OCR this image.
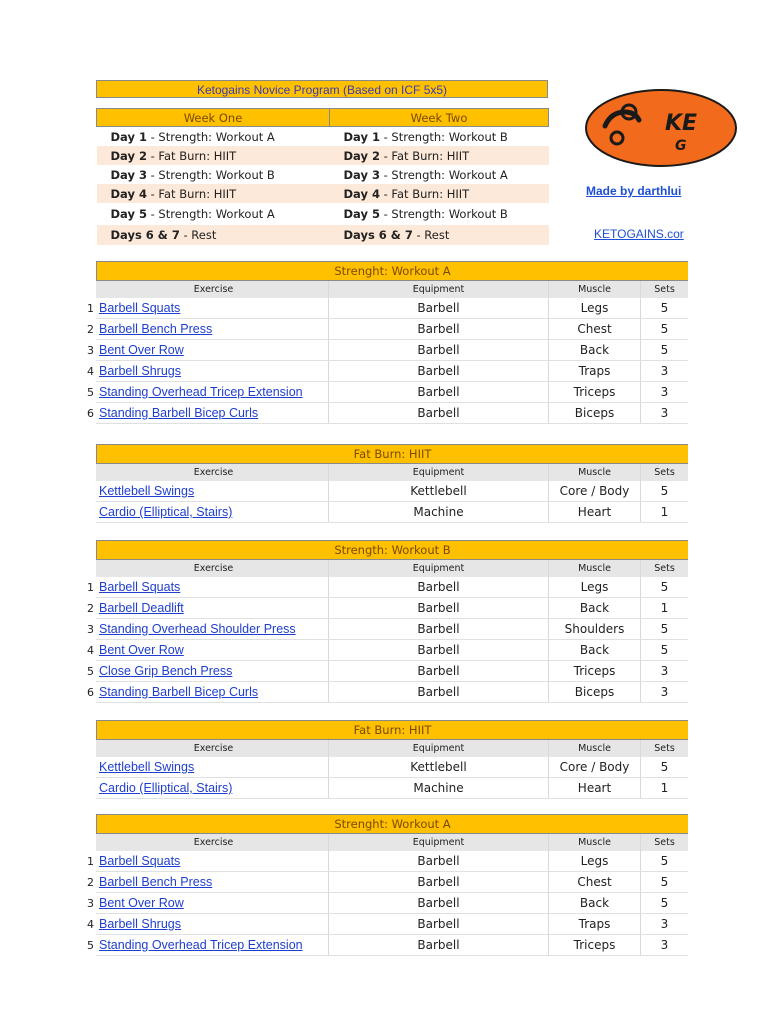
Ketogains Novice Program (Based on ICF 5x5)
Week One	Week Two
Day 1 - Strength: Workout A	Day 1 - Strength: Workout B
Day 2 - Fat Burn: HIIT	Day 2 - Fat Burn: HIIT
Day 3 - Strength: Workout B	Day 3 - Strength: Workout A
Day 4 - Fat Burn: HIIT	Day 4 - Fat Burn: HIIT
Day 5 - Strength: Workout A	Day 5 - Strength: Workout B
Days 6 & 7 - Rest	Days 6 & 7 - Rest
KE
G
Made by darthlui
KETOGAINS.cor
Strenght: Workout A
Exercise	Equipment	Muscle	Sets
1 Barbell Squats	Barbell	Legs	5
2 Barbell Bench Press	Barbell	Chest	5
3 Bent Over Row	Barbell	Back	5
4 Barbell Shrugs	Barbell	Traps	3
5 Standing Overhead Tricep Extension	Barbell	Triceps	3
6 Standing Barbell Bicep Curls	Barbell	Biceps	3
Fat Burn: HIIT
Exercise	Equipment	Muscle	Sets
Kettlebell Swings	Kettlebell	Core / Body	5
Cardio (Elliptical, Stairs)	Machine	Heart	1
Strength: Workout B
Exercise	Equipment	Muscle	Sets
1 Barbell Squats	Barbell	Legs	5
2 Barbell Deadlift	Barbell	Back	1
3 Standing Overhead Shoulder Press	Barbell	Shoulders	5
4 Bent Over Row	Barbell	Back	5
5 Close Grip Bench Press	Barbell	Triceps	3
6 Standing Barbell Bicep Curls	Barbell	Biceps	3
Fat Burn: HIIT
Exercise	Equipment	Muscle	Sets
Kettlebell Swings	Kettlebell	Core / Body	5
Cardio (Elliptical, Stairs)	Machine	Heart	1
Strenght: Workout A
Exercise	Equipment	Muscle	Sets
1 Barbell Squats	Barbell	Legs	5
2 Barbell Bench Press	Barbell	Chest	5
3 Bent Over Row	Barbell	Back	5
4 Barbell Shrugs	Barbell	Traps	3
5 Standing Overhead Tricep Extension	Barbell	Triceps	3
